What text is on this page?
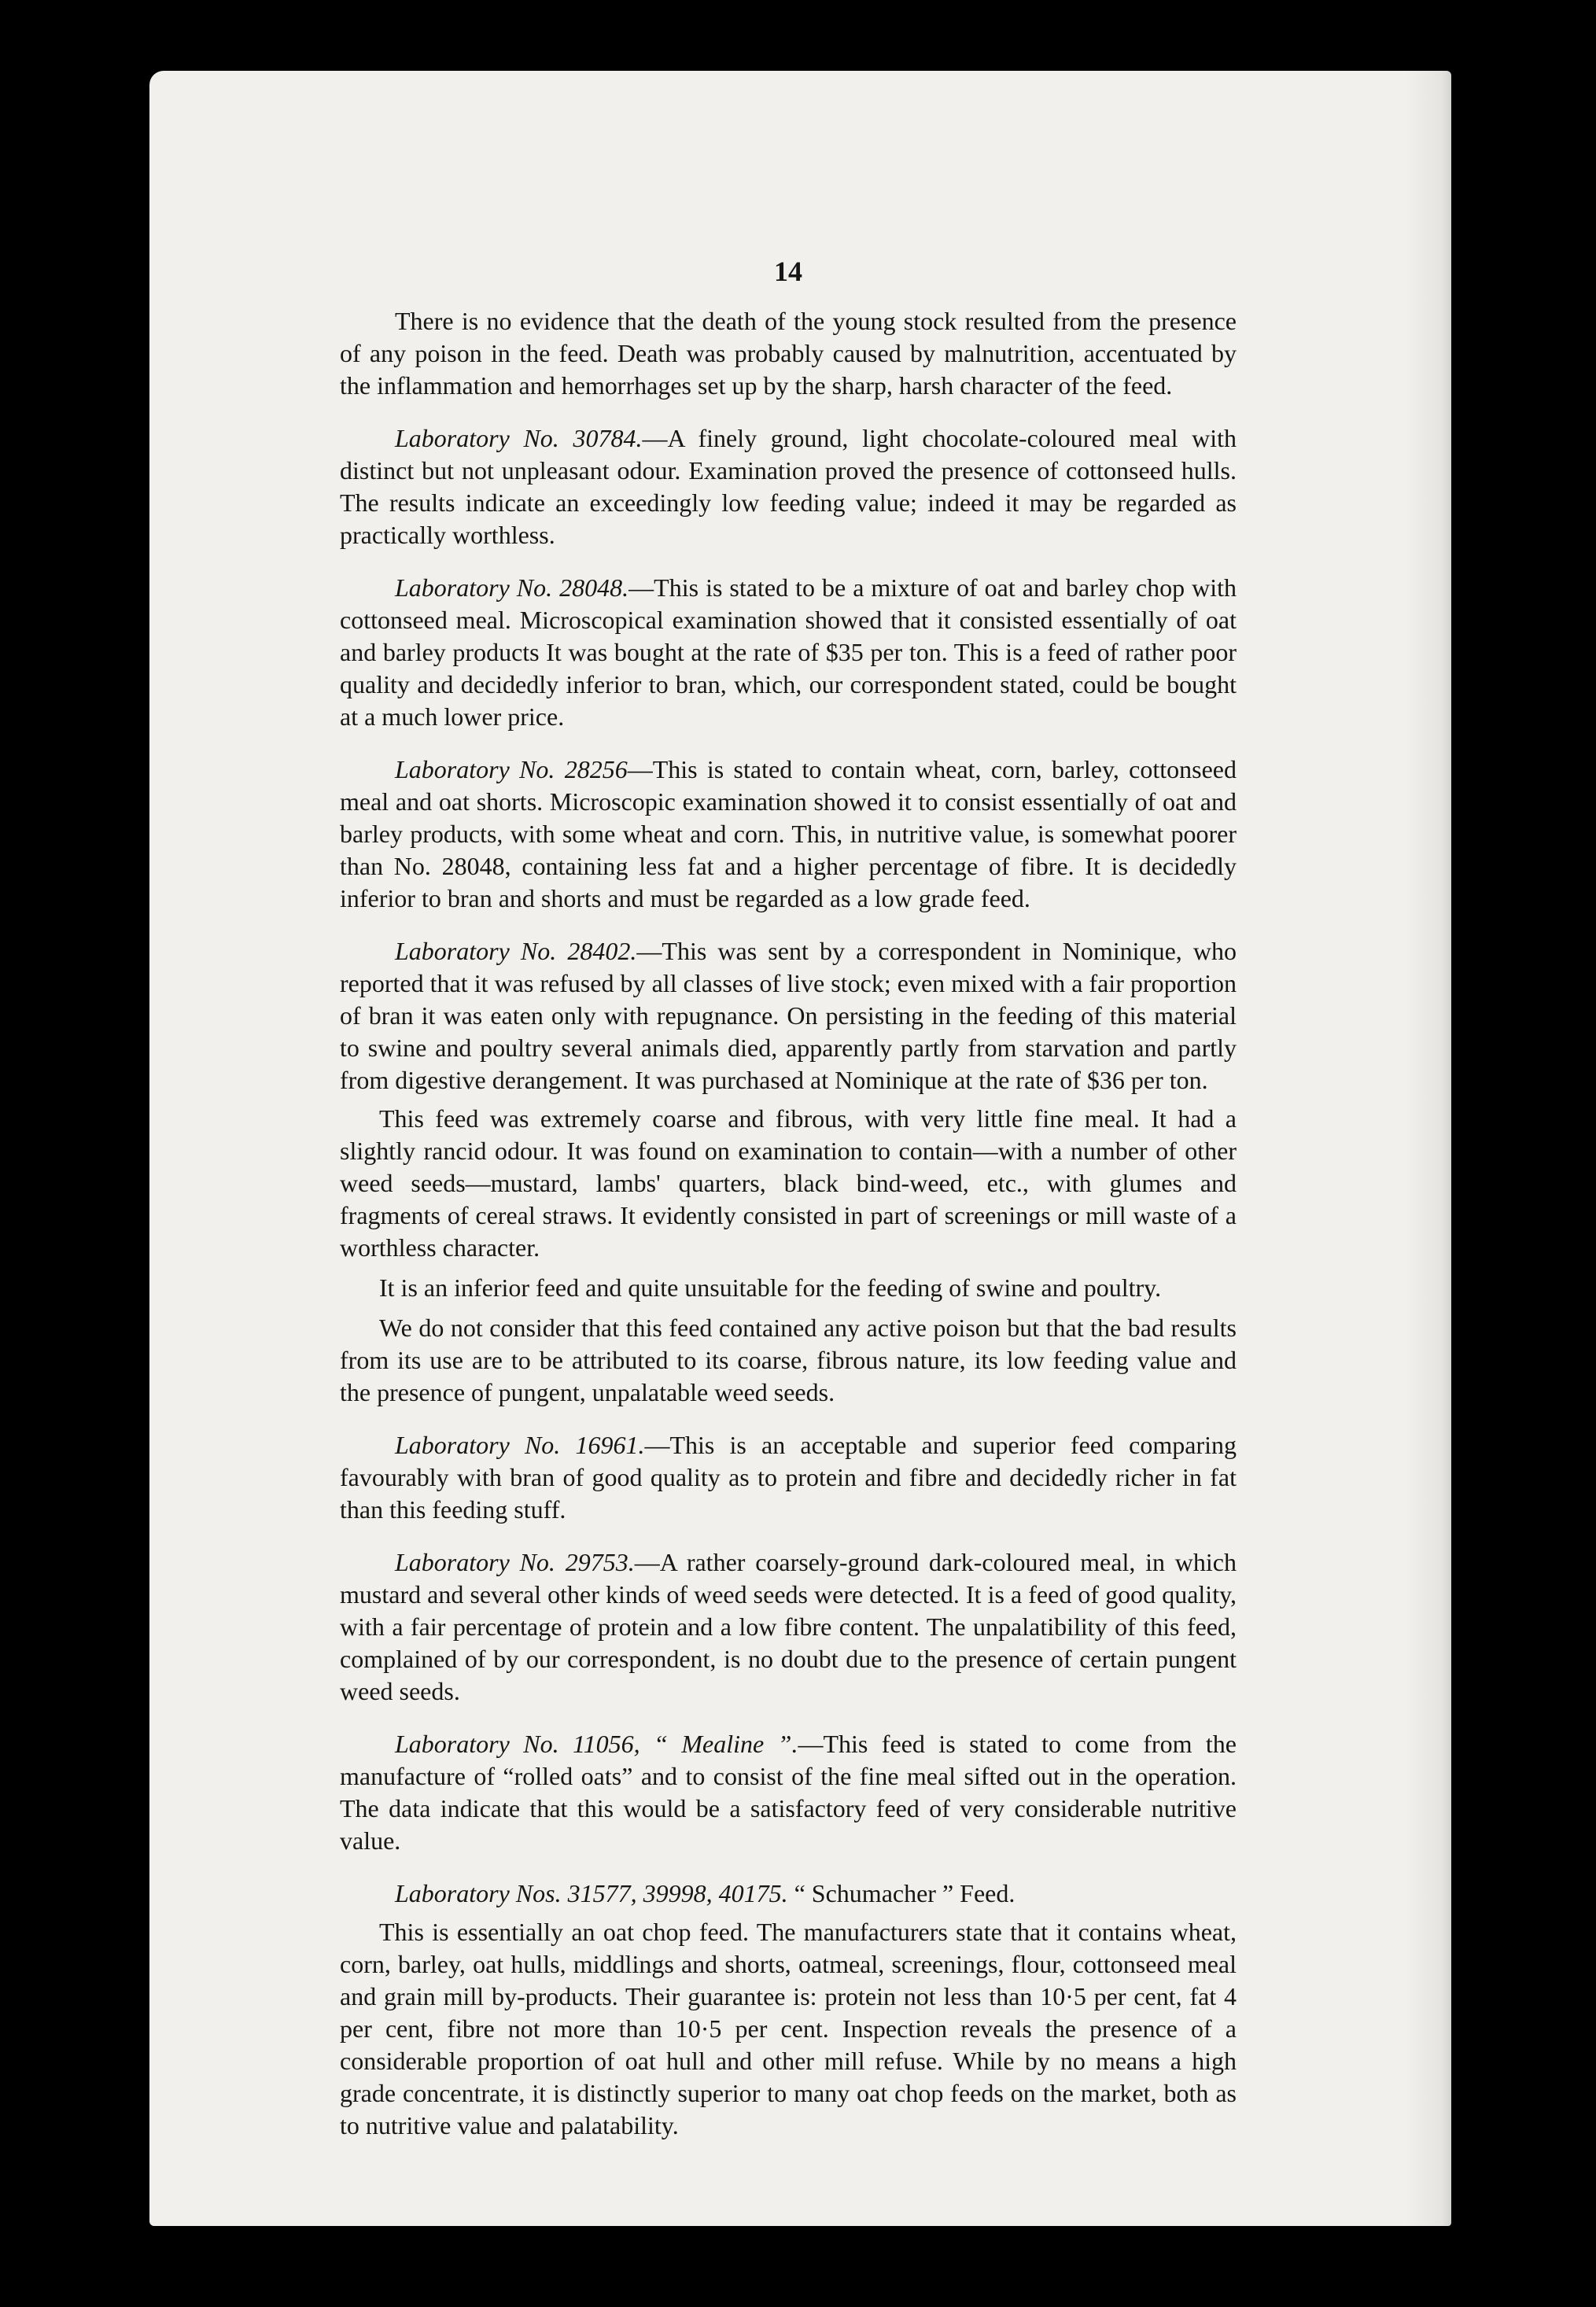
14

There is no evidence that the death of the young stock resulted from the presence of any poison in the feed. Death was probably caused by malnutrition, accentuated by the inflammation and hemorrhages set up by the sharp, harsh character of the feed.

Laboratory No. 30784.—A finely ground, light chocolate-coloured meal with distinct but not unpleasant odour. Examination proved the presence of cottonseed hulls. The results indicate an exceedingly low feeding value; indeed it may be regarded as practically worthless.

Laboratory No. 28048.—This is stated to be a mixture of oat and barley chop with cottonseed meal. Microscopical examination showed that it consisted essentially of oat and barley products It was bought at the rate of $35 per ton. This is a feed of rather poor quality and decidedly inferior to bran, which, our correspondent stated, could be bought at a much lower price.

Laboratory No. 28256—This is stated to contain wheat, corn, barley, cottonseed meal and oat shorts. Microscopic examination showed it to consist essentially of oat and barley products, with some wheat and corn. This, in nutritive value, is somewhat poorer than No. 28048, containing less fat and a higher percentage of fibre. It is decidedly inferior to bran and shorts and must be regarded as a low grade feed.

Laboratory No. 28402.—This was sent by a correspondent in Nominique, who reported that it was refused by all classes of live stock; even mixed with a fair proportion of bran it was eaten only with repugnance. On persisting in the feeding of this material to swine and poultry several animals died, apparently partly from starvation and partly from digestive derangement. It was purchased at Nominique at the rate of $36 per ton.

This feed was extremely coarse and fibrous, with very little fine meal. It had a slightly rancid odour. It was found on examination to contain—with a number of other weed seeds—mustard, lambs' quarters, black bind-weed, etc., with glumes and fragments of cereal straws. It evidently consisted in part of screenings or mill waste of a worthless character.

It is an inferior feed and quite unsuitable for the feeding of swine and poultry.

We do not consider that this feed contained any active poison but that the bad results from its use are to be attributed to its coarse, fibrous nature, its low feeding value and the presence of pungent, unpalatable weed seeds.

Laboratory No. 16961.—This is an acceptable and superior feed comparing favourably with bran of good quality as to protein and fibre and decidedly richer in fat than this feeding stuff.

Laboratory No. 29753.—A rather coarsely-ground dark-coloured meal, in which mustard and several other kinds of weed seeds were detected. It is a feed of good quality, with a fair percentage of protein and a low fibre content. The unpalatibility of this feed, complained of by our correspondent, is no doubt due to the presence of certain pungent weed seeds.

Laboratory No. 11056, “ Mealine ”.—This feed is stated to come from the manufacture of “rolled oats” and to consist of the fine meal sifted out in the operation. The data indicate that this would be a satisfactory feed of very considerable nutritive value.

Laboratory Nos. 31577, 39998, 40175. “ Schumacher ” Feed.

This is essentially an oat chop feed. The manufacturers state that it contains wheat, corn, barley, oat hulls, middlings and shorts, oatmeal, screenings, flour, cottonseed meal and grain mill by-products. Their guarantee is: protein not less than 10·5 per cent, fat 4 per cent, fibre not more than 10·5 per cent. Inspection reveals the presence of a considerable proportion of oat hull and other mill refuse. While by no means a high grade concentrate, it is distinctly superior to many oat chop feeds on the market, both as to nutritive value and palatability.
